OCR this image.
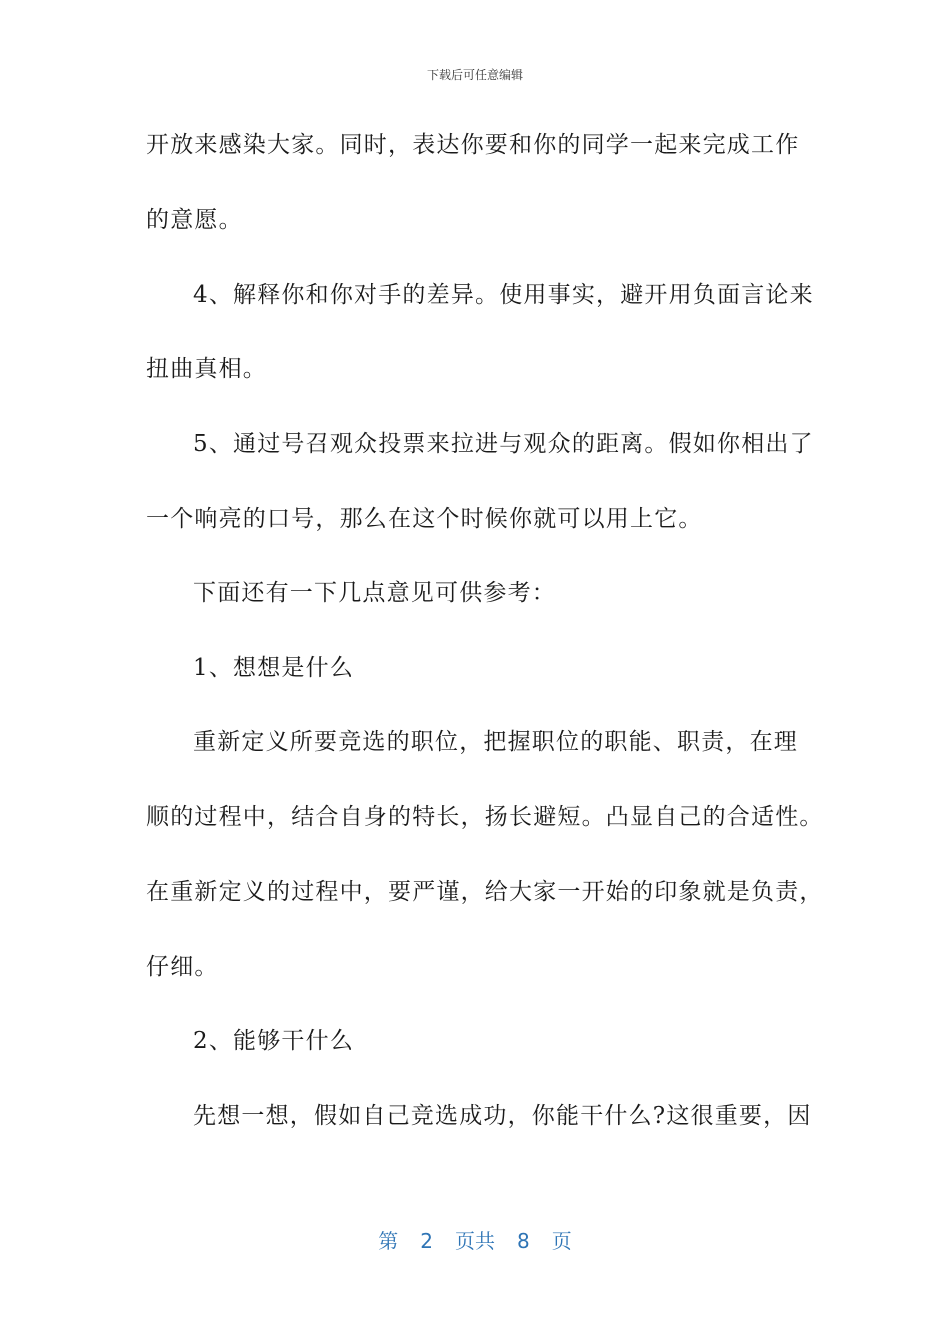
下载后可任意编辑
开放来感染大家。同时，表达你要和你的同学一起来完成工作
的意愿。
4、解释你和你对手的差异。使用事实，避开用负面言论来
扭曲真相。
5、通过号召观众投票来拉进与观众的距离。假如你相出了
一个响亮的口号，那么在这个时候你就可以用上它。
下面还有一下几点意见可供参考：
1、想想是什么
重新定义所要竞选的职位，把握职位的职能、职责，在理
顺的过程中，结合自身的特长，扬长避短。凸显自己的合适性。
在重新定义的过程中，要严谨，给大家一开始的印象就是负责，
仔细。
2、能够干什么
先想一想，假如自己竞选成功，你能干什么?这很重要，因
第 2 页共 8 页
